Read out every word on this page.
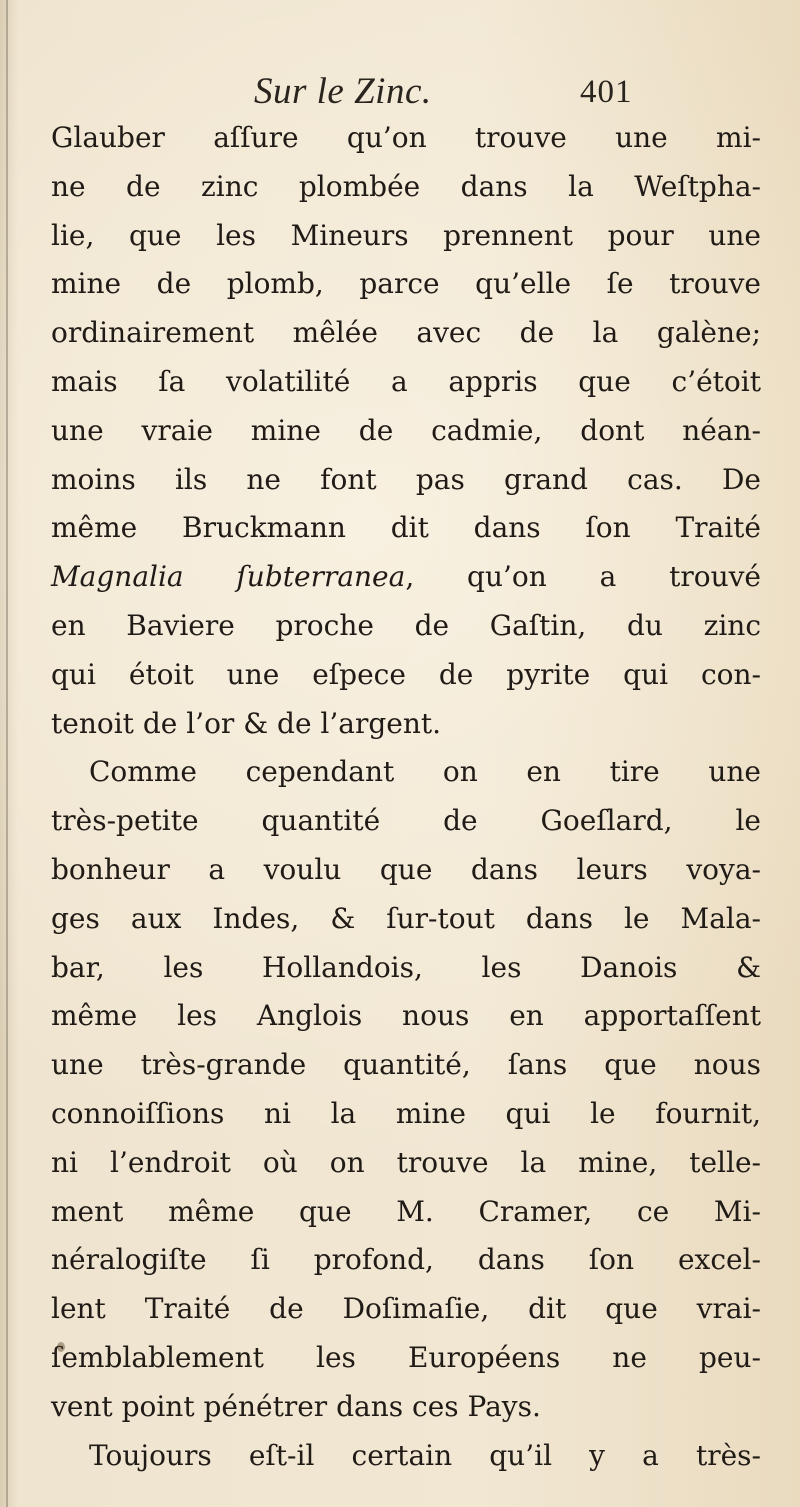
Sur le Zinc.	401
Glauber aſſure qu’on trouve une mi-
ne de zinc plombée dans la Weſtpha-
lie, que les Mineurs prennent pour une
mine de plomb, parce qu’elle ſe trouve
ordinairement mêlée avec de la galène;
mais ſa volatilité a appris que c’étoit
une vraie mine de cadmie, dont néan-
moins ils ne font pas grand cas. De
même Bruckmann dit dans ſon Traité
Magnalia ſubterranea, qu’on a trouvé
en Baviere proche de Gaſtin, du zinc
qui étoit une eſpece de pyrite qui con-
tenoit de l’or & de l’argent.
Comme cependant on en tire une
très-petite quantité de Goeſlard, le
bonheur a voulu que dans leurs voya-
ges aux Indes, & ſur-tout dans le Mala-
bar, les Hollandois, les Danois &
même les Anglois nous en apportaſſent
une très-grande quantité, ſans que nous
connoiſſions ni la mine qui le fournit,
ni l’endroit où on trouve la mine, telle-
ment même que M. Cramer, ce Mi-
néralogiſte ſi profond, dans ſon excel-
lent Traité de Doſimaſie, dit que vrai-
ſemblablement les Européens ne peu-
vent point pénétrer dans ces Pays.
Toujours eſt-il certain qu’il y a très-
